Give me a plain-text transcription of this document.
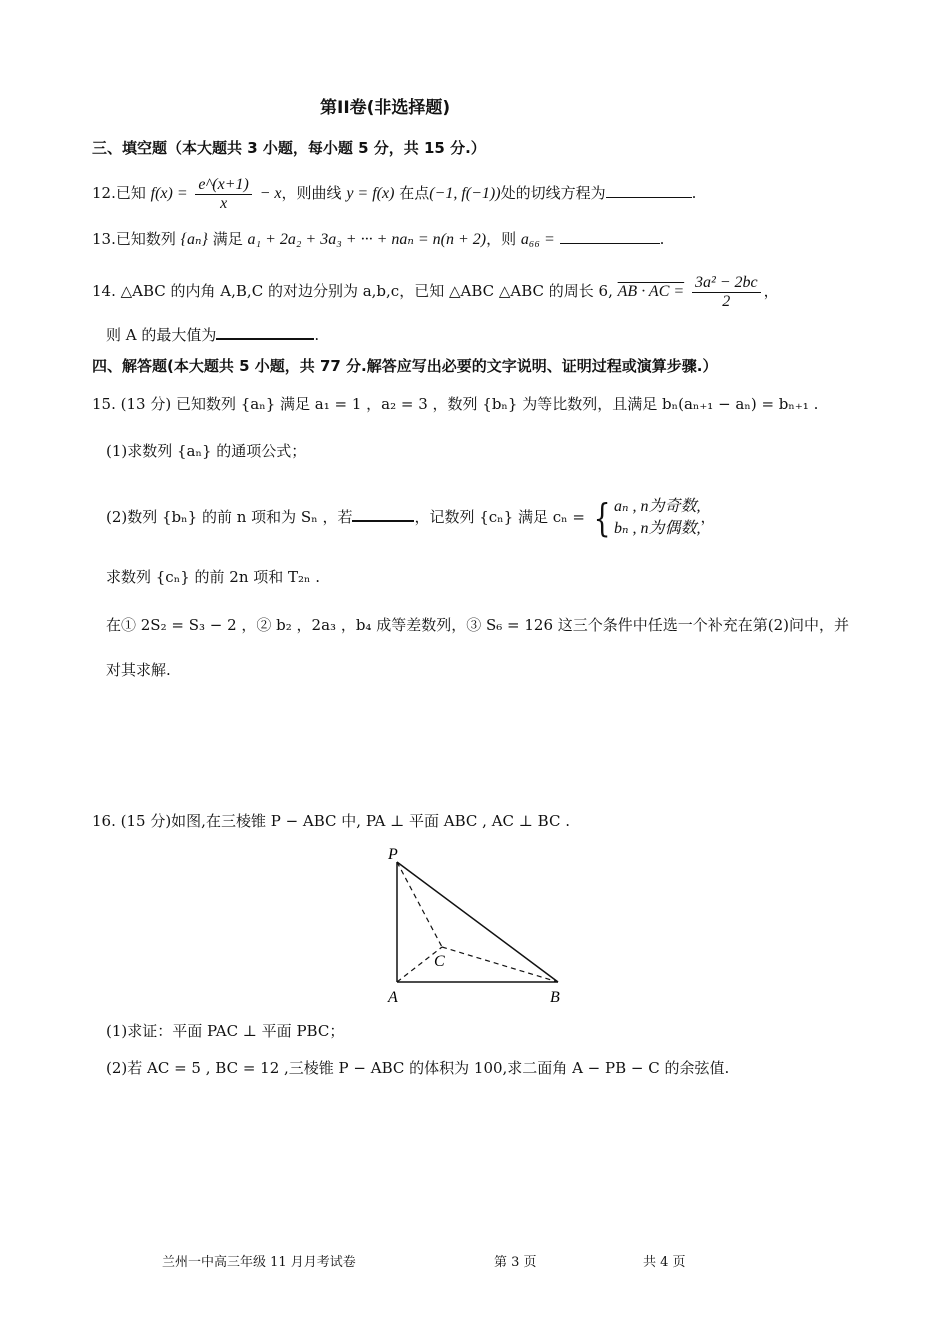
第II卷(非选择题)
三、填空题（本大题共 3 小题，每小题 5 分，共 15 分.）
12.已知 $f(x) = \frac{e\^{}(x+1)}{x} - x$，则曲线 y = f(x) 在点(−1, f(−1))处的切线方程为	.
13.已知数列 {aₙ} 满足 a₁ + 2a₂ + 3a₃ + ··· + naₙ = n(n + 2)，则 a₆₆ =	.
14. △ABC 的内角 A,B,C 的对边分别为 a,b,c，已知 △ABC △ABC 的周长 6, AB · AC = $\frac{\text{3a² − 2bc}}{2}$ ，
则 A 的最大值为	.
四、解答题(本大题共 5 小题，共 77 分.解答应写出必要的文字说明、证明过程或演算步骤.）
15. (13 分) 已知数列 {aₙ} 满足 a₁ = 1 ，a₂ = 3 ，数列 {bₙ} 为等比数列，且满足 bₙ(aₙ₊₁ − aₙ) = bₙ₊₁ .
(1)求数列 {aₙ} 的通项公式；
(2)数列 {bₙ} 的前 n 项和为 Sₙ ，若	，记数列 {cₙ} 满足 cₙ = { aₙ , n为奇数,
bₙ , n为偶数,
，
求数列 {cₙ} 的前 2n 项和 T₂ₙ .
在① 2S₂ = S₃ − 2 ，② b₂ ，2a₃ ，b₄ 成等差数列，③ S₆ = 126 这三个条件中任选一个补充在第(2)问中，并
对其求解.
16. (15 分)如图,在三棱锥 P − ABC 中, PA ⊥ 平面 ABC , AC ⊥ BC .
P
A	B
C
(1)求证：平面 PAC ⊥ 平面 PBC；
(2)若 AC = 5 , BC = 12 ,三棱锥 P − ABC 的体积为 100,求二面角 A − PB − C 的余弦值.
兰州一中高三年级 11 月月考试卷	第 3 页	共 4 页
